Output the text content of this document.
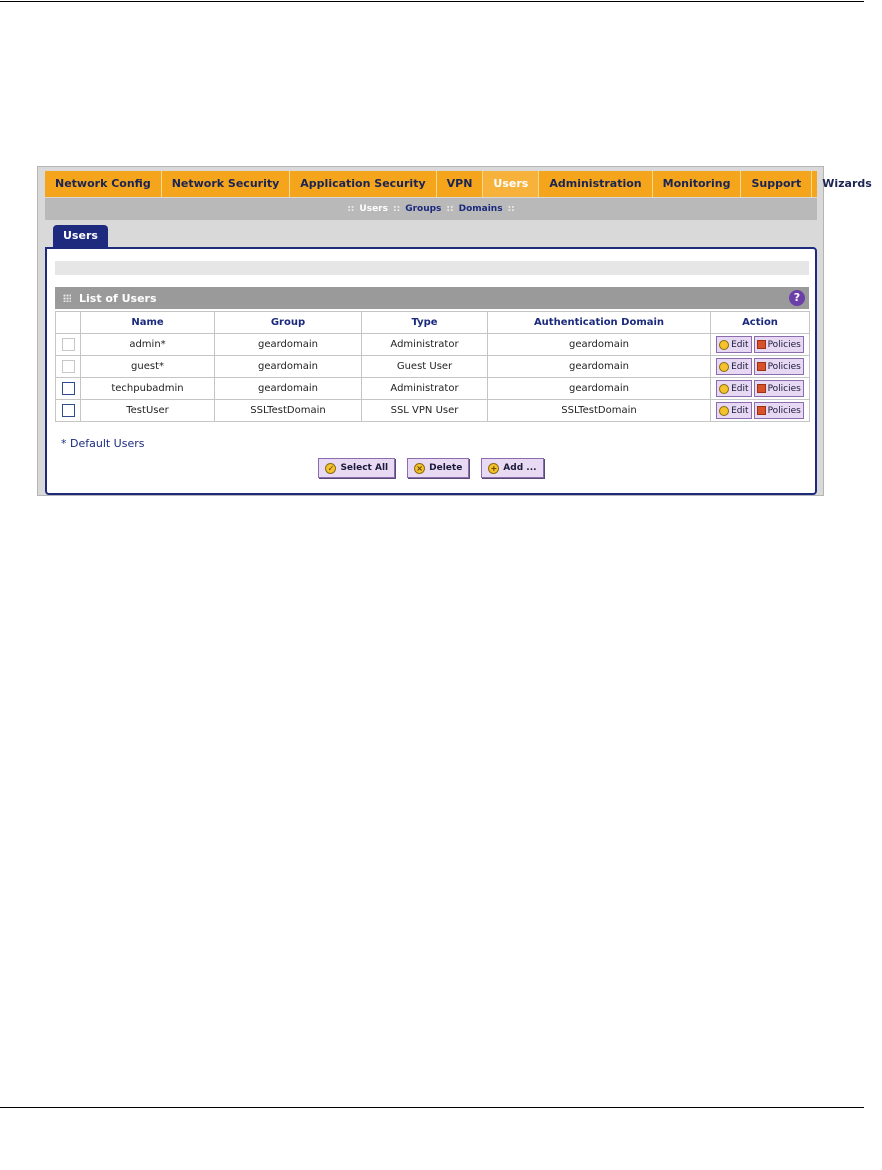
Network Config	Network Security	Application Security	VPN	Users	Administration	Monitoring	Support	Wizards
:: Users :: Groups :: Domains ::
Users
List of Users	?
	Name	Group	Type	Authentication Domain	Action
	admin*	geardomain	Administrator	geardomain	Edit Policies

	guest*	geardomain	Guest User	geardomain	Edit Policies

	techpubadmin	geardomain	Administrator	geardomain	Edit Policies

	TestUser	SSLTestDomain	SSL VPN User	SSLTestDomain	Edit Policies
* Default Users
✓ Select All	× Delete	+ Add ...
